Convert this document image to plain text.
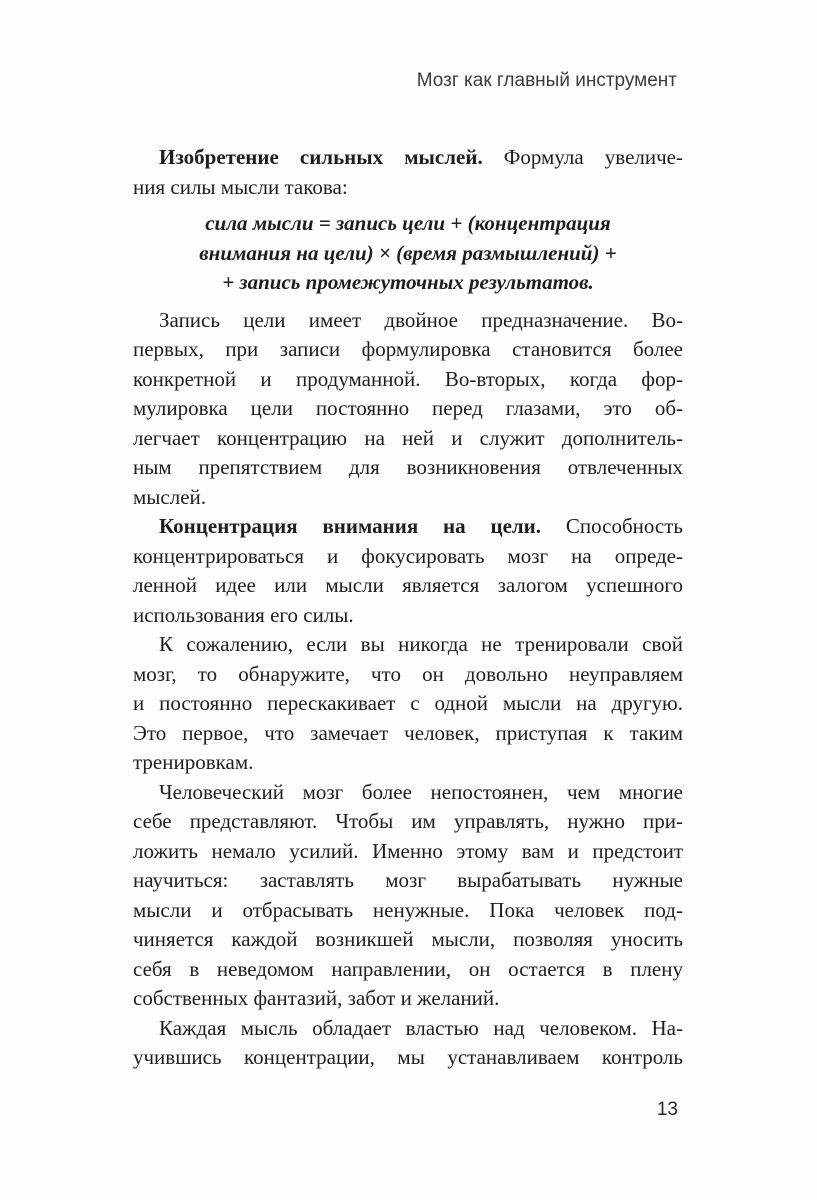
Мозг как главный инструмент
Изобретение сильных мыслей. Формула увеличе-
ния силы мысли такова:
сила мысли = запись цели + (концентрация
внимания на цели) × (время размышлений) +
+ запись промежуточных результатов.
Запись цели имеет двойное предназначение. Во-
первых, при записи формулировка становится более
конкретной и продуманной. Во-вторых, когда фор-
мулировка цели постоянно перед глазами, это об-
легчает концентрацию на ней и служит дополнитель-
ным препятствием для возникновения отвлеченных
мыслей.
Концентрация внимания на цели. Способность
концентрироваться и фокусировать мозг на опреде-
ленной идее или мысли является залогом успешного
использования его силы.
К сожалению, если вы никогда не тренировали свой
мозг, то обнаружите, что он довольно неуправляем
и постоянно перескакивает с одной мысли на другую.
Это первое, что замечает человек, приступая к таким
тренировкам.
Человеческий мозг более непостоянен, чем многие
себе представляют. Чтобы им управлять, нужно при-
ложить немало усилий. Именно этому вам и предстоит
научиться: заставлять мозг вырабатывать нужные
мысли и отбрасывать ненужные. Пока человек под-
чиняется каждой возникшей мысли, позволяя уносить
себя в неведомом направлении, он остается в плену
собственных фантазий, забот и желаний.
Каждая мысль обладает властью над человеком. На-
учившись концентрации, мы устанавливаем контроль
13
